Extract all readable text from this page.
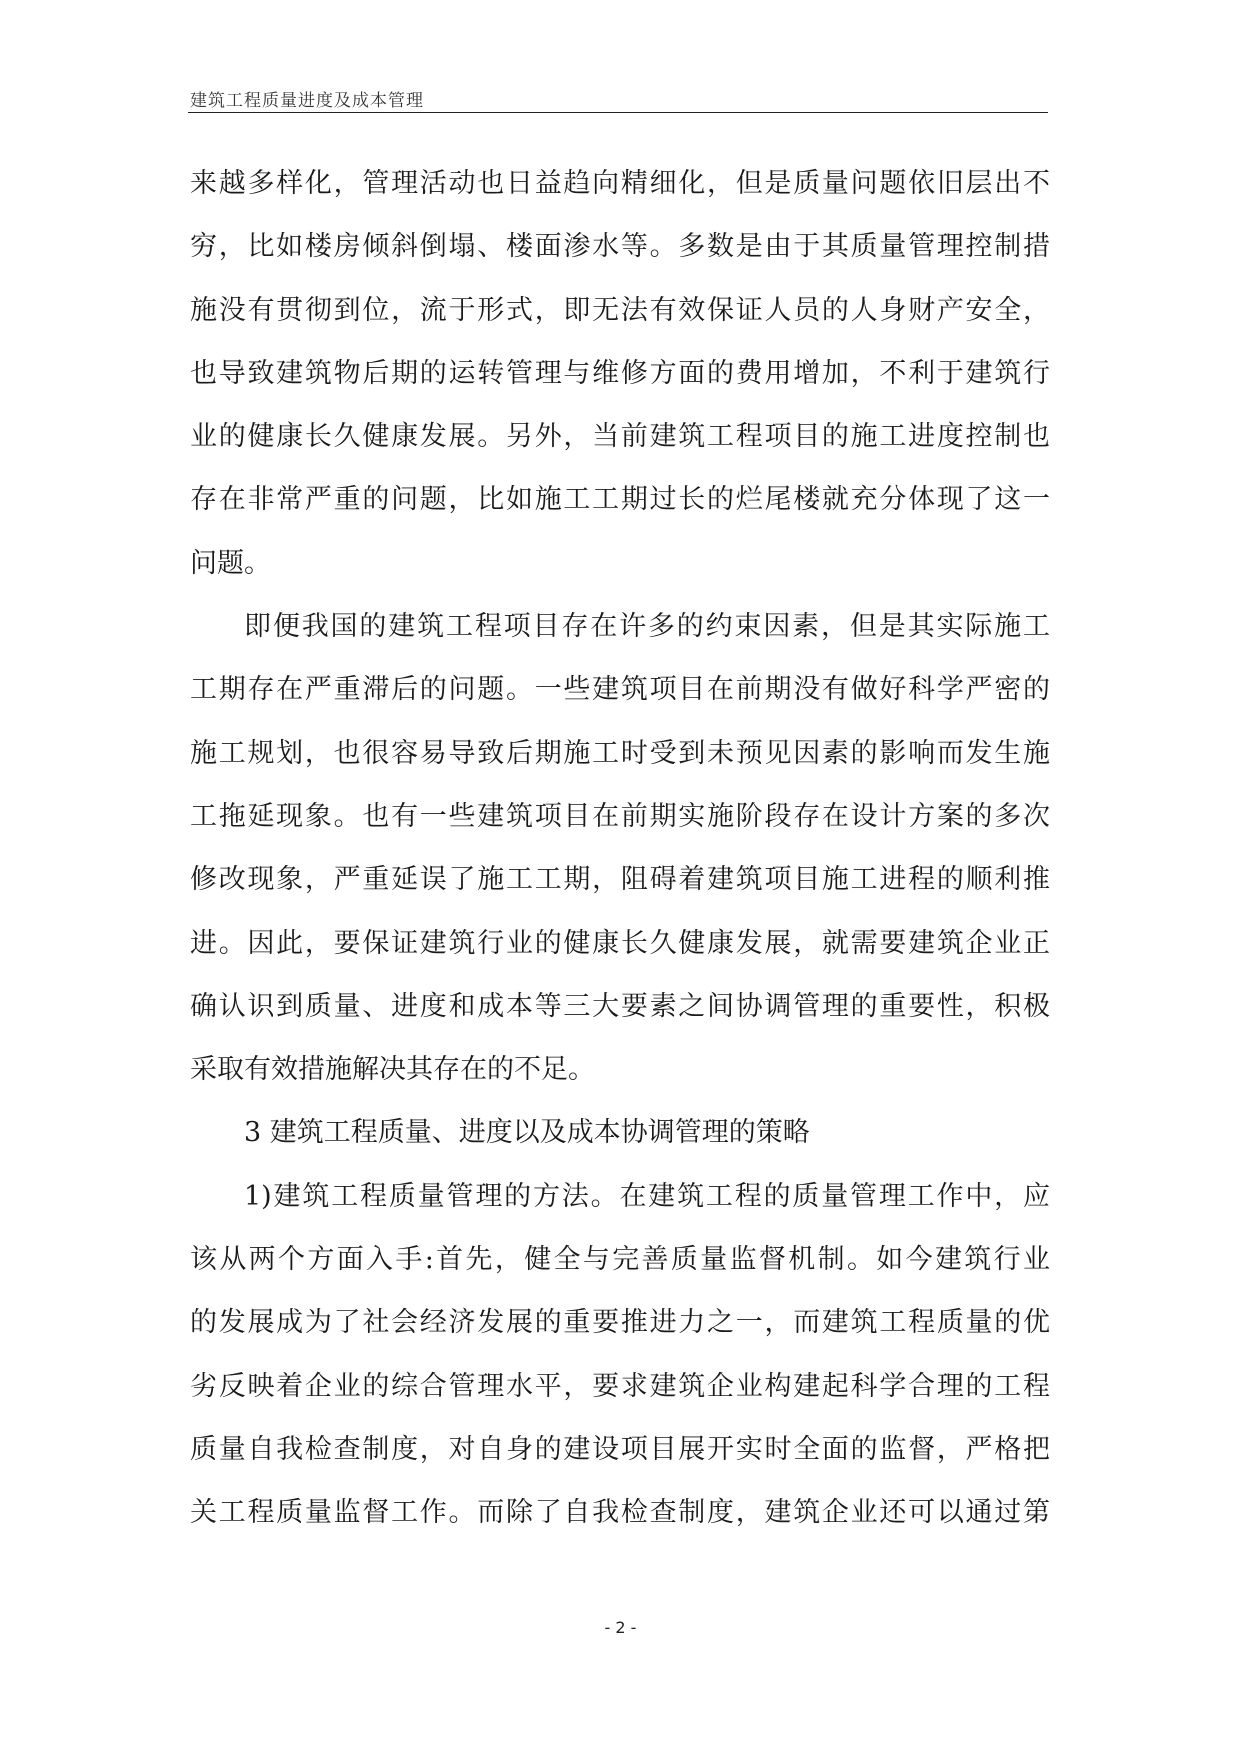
建筑工程质量进度及成本管理

来越多样化，管理活动也日益趋向精细化，但是质量问题依旧层出不
穷，比如楼房倾斜倒塌、楼面渗水等。多数是由于其质量管理控制措
施没有贯彻到位，流于形式，即无法有效保证人员的人身财产安全，
也导致建筑物后期的运转管理与维修方面的费用增加，不利于建筑行
业的健康长久健康发展。另外，当前建筑工程项目的施工进度控制也
存在非常严重的问题，比如施工工期过长的烂尾楼就充分体现了这一
问题。

即便我国的建筑工程项目存在许多的约束因素，但是其实际施工
工期存在严重滞后的问题。一些建筑项目在前期没有做好科学严密的
施工规划，也很容易导致后期施工时受到未预见因素的影响而发生施
工拖延现象。也有一些建筑项目在前期实施阶段存在设计方案的多次
修改现象，严重延误了施工工期，阻碍着建筑项目施工进程的顺利推
进。因此，要保证建筑行业的健康长久健康发展，就需要建筑企业正
确认识到质量、进度和成本等三大要素之间协调管理的重要性，积极
采取有效措施解决其存在的不足。

3 建筑工程质量、进度以及成本协调管理的策略

1)建筑工程质量管理的方法。在建筑工程的质量管理工作中，应
该从两个方面入手:首先，健全与完善质量监督机制。如今建筑行业
的发展成为了社会经济发展的重要推进力之一，而建筑工程质量的优
劣反映着企业的综合管理水平，要求建筑企业构建起科学合理的工程
质量自我检查制度，对自身的建设项目展开实时全面的监督，严格把
关工程质量监督工作。而除了自我检查制度，建筑企业还可以通过第

- 2 -
